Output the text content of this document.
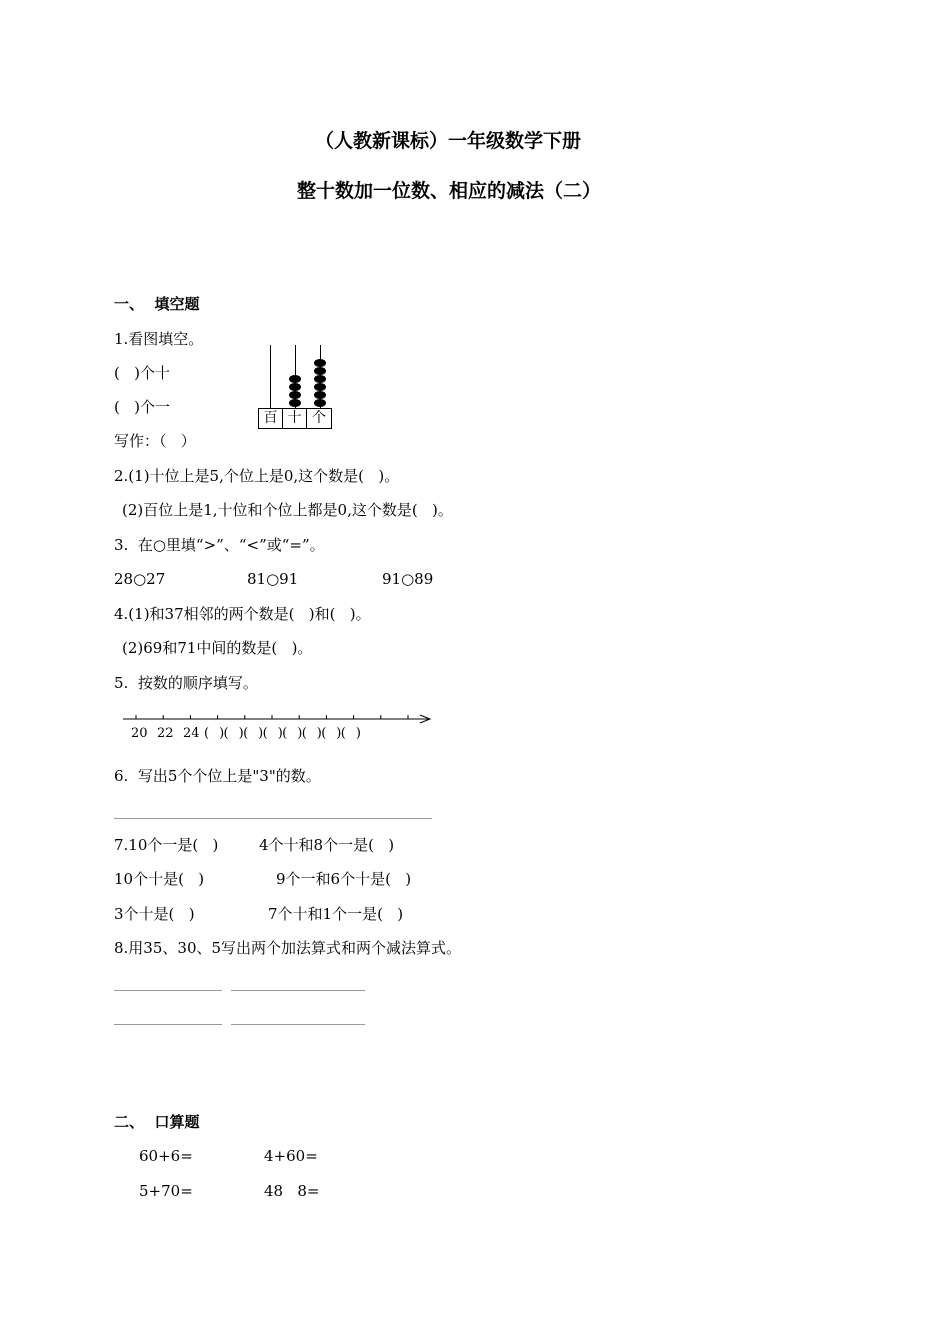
（人教新课标）一年级数学下册
整十数加一位数、相应的减法（二）
一、  填空题
1.看图填空。
(   )个十
(   )个一
写作：（   ）
百 十 个
2.(1)十位上是5,个位上是0,这个数是(   )。
(2)百位上是1,十位和个位上都是0,这个数是(   )。
3.  在○里填“>”、“<”或“=”。
28○27	81○91	91○89
4.(1)和37相邻的两个数是(   )和(   )。
(2)69和71中间的数是(   )。
5.  按数的顺序填写。
20 22 24 (   )(   )(   )(   )(   )(   )(   )(   )
6.  写出5个个位上是"3"的数。
7.10个一是(   )	4个十和8个一是(   )
10个十是(   )	9个一和6个十是(   )
3个十是(   )	7个十和1个一是(   )
8.用35、30、5写出两个加法算式和两个减法算式。
二、  口算题
60+6=	4+60=
5+70=	48   8=
